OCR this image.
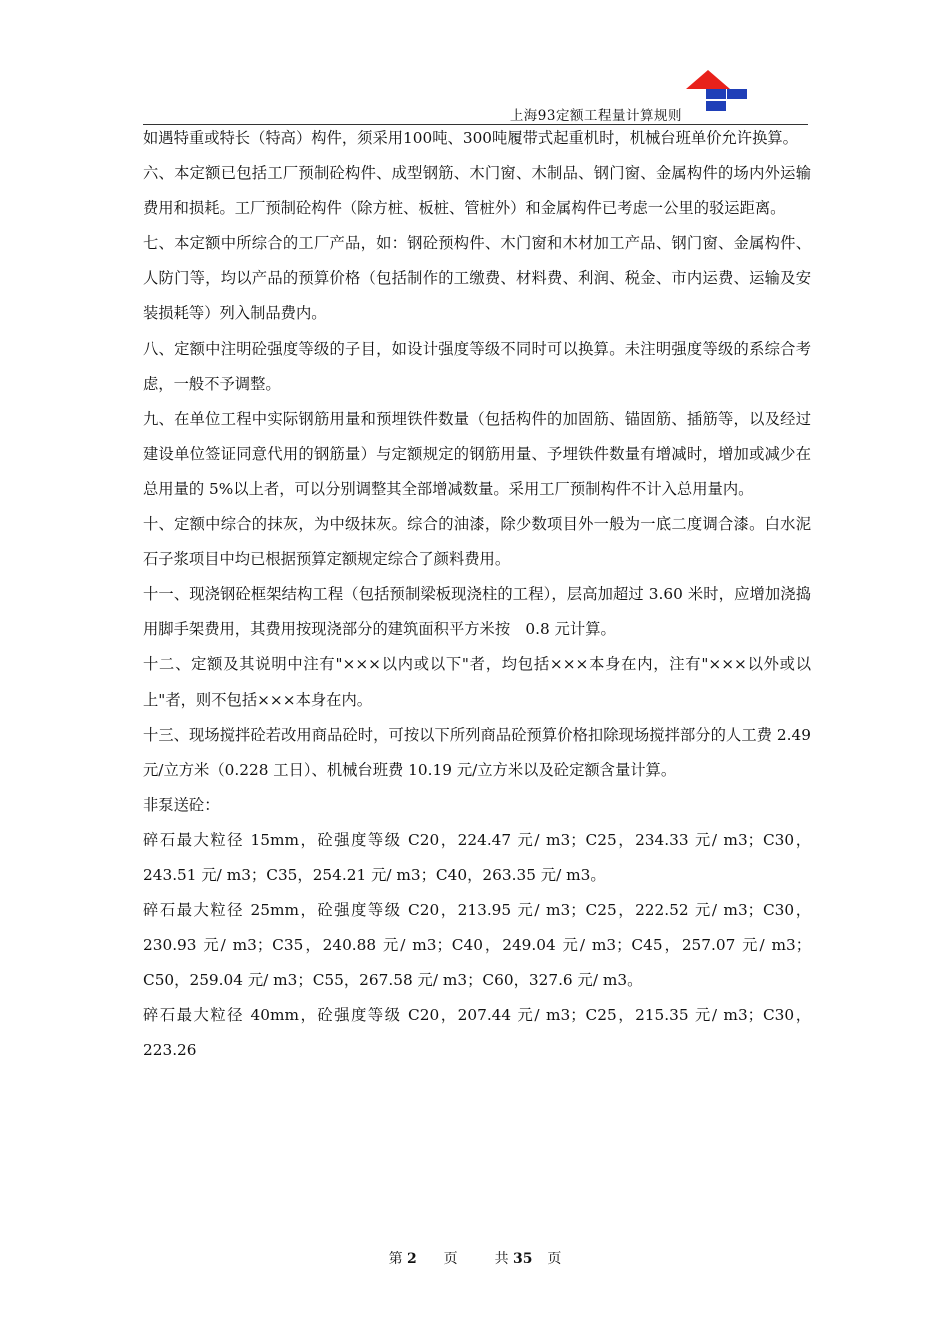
上海93定额工程量计算规则

如遇特重或特长（特高）构件，须采用100吨、300吨履带式起重机时，机械台班单价允许换算。

六、本定额已包括工厂预制砼构件、成型钢筋、木门窗、木制品、钢门窗、金属构件的场内外运输费用和损耗。工厂预制砼构件（除方桩、板桩、管桩外）和金属构件已考虑一公里的驳运距离。

七、本定额中所综合的工厂产品，如：钢砼预构件、木门窗和木材加工产品、钢门窗、金属构件、人防门等，均以产品的预算价格（包括制作的工缴费、材料费、利润、税金、市内运费、运输及安装损耗等）列入制品费内。

八、定额中注明砼强度等级的子目，如设计强度等级不同时可以换算。未注明强度等级的系综合考虑，一般不予调整。

九、在单位工程中实际钢筋用量和预埋铁件数量（包括构件的加固筋、锚固筋、插筋等，以及经过建设单位签证同意代用的钢筋量）与定额规定的钢筋用量、予埋铁件数量有增减时，增加或减少在总用量的 5%以上者，可以分别调整其全部增减数量。采用工厂预制构件不计入总用量内。

十、定额中综合的抹灰，为中级抹灰。综合的油漆，除少数项目外一般为一底二度调合漆。白水泥石子浆项目中均已根据预算定额规定综合了颜料费用。

十一、现浇钢砼框架结构工程（包括预制梁板现浇柱的工程），层高加超过 3.60 米时，应增加浇捣用脚手架费用，其费用按现浇部分的建筑面积平方米按　0.8 元计算。

十二、定额及其说明中注有"×××以内或以下"者，均包括×××本身在内，注有"×××以外或以上"者，则不包括×××本身在内。

十三、现场搅拌砼若改用商品砼时，可按以下所列商品砼预算价格扣除现场搅拌部分的人工费 2.49 元/立方米（0.228 工日）、机械台班费 10.19 元/立方米以及砼定额含量计算。

非泵送砼：

碎石最大粒径 15mm，砼强度等级 C20，224.47 元/ m3；C25，234.33 元/ m3；C30，243.51 元/ m3；C35，254.21 元/ m3；C40，263.35 元/ m3。

碎石最大粒径 25mm，砼强度等级 C20，213.95 元/ m3；C25，222.52 元/ m3；C30，230.93 元/ m3；C35，240.88 元/ m3；C40，249.04 元/ m3；C45，257.07 元/ m3；C50，259.04 元/ m3；C55，267.58 元/ m3；C60，327.6 元/ m3。

碎石最大粒径 40mm，砼强度等级 C20，207.44 元/ m3；C25，215.35 元/ m3；C30，223.26

第 2 页	共 35 页
